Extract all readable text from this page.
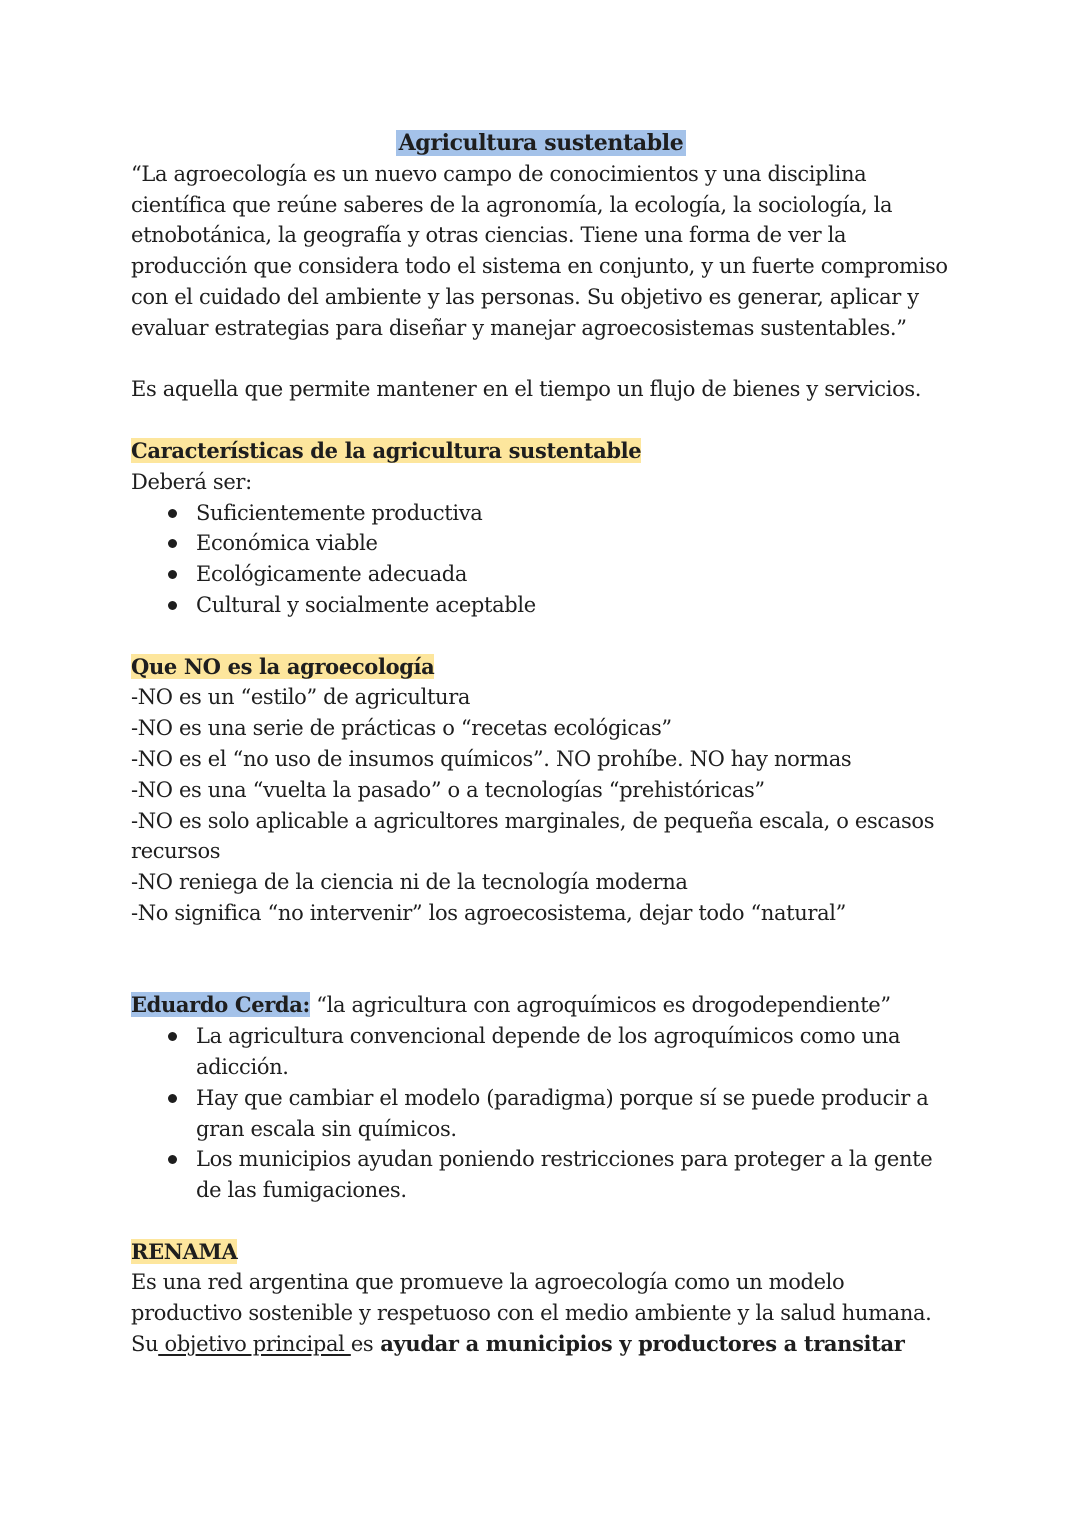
Agricultura sustentable

“La agroecología es un nuevo campo de conocimientos y una disciplina científica que reúne saberes de la agronomía, la ecología, la sociología, la etnobotánica, la geografía y otras ciencias. Tiene una forma de ver la producción que considera todo el sistema en conjunto, y un fuerte compromiso con el cuidado del ambiente y las personas. Su objetivo es generar, aplicar y evaluar estrategias para diseñar y manejar agroecosistemas sustentables.”

Es aquella que permite mantener en el tiempo un flujo de bienes y servicios.

Características de la agricultura sustentable

Deberá ser:

Suficientemente productiva
Económica viable
Ecológicamente adecuada
Cultural y socialmente aceptable

Que NO es la agroecología

-NO es un “estilo” de agricultura

-NO es una serie de prácticas o “recetas ecológicas”

-NO es el “no uso de insumos químicos”. NO prohíbe. NO hay normas

-NO es una “vuelta la pasado” o a tecnologías “prehistóricas”

-NO es solo aplicable a agricultores marginales, de pequeña escala, o escasos recursos

-NO reniega de la ciencia ni de la tecnología moderna

-No significa “no intervenir” los agroecosistema, dejar todo “natural”

Eduardo Cerda: “la agricultura con agroquímicos es drogodependiente”

La agricultura convencional depende de los agroquímicos como una adicción.
Hay que cambiar el modelo (paradigma) porque sí se puede producir a gran escala sin químicos.
Los municipios ayudan poniendo restricciones para proteger a la gente de las fumigaciones.

RENAMA

Es una red argentina que promueve la agroecología como un modelo productivo sostenible y respetuoso con el medio ambiente y la salud humana.

Su objetivo principal es ayudar a municipios y productores a transitar
